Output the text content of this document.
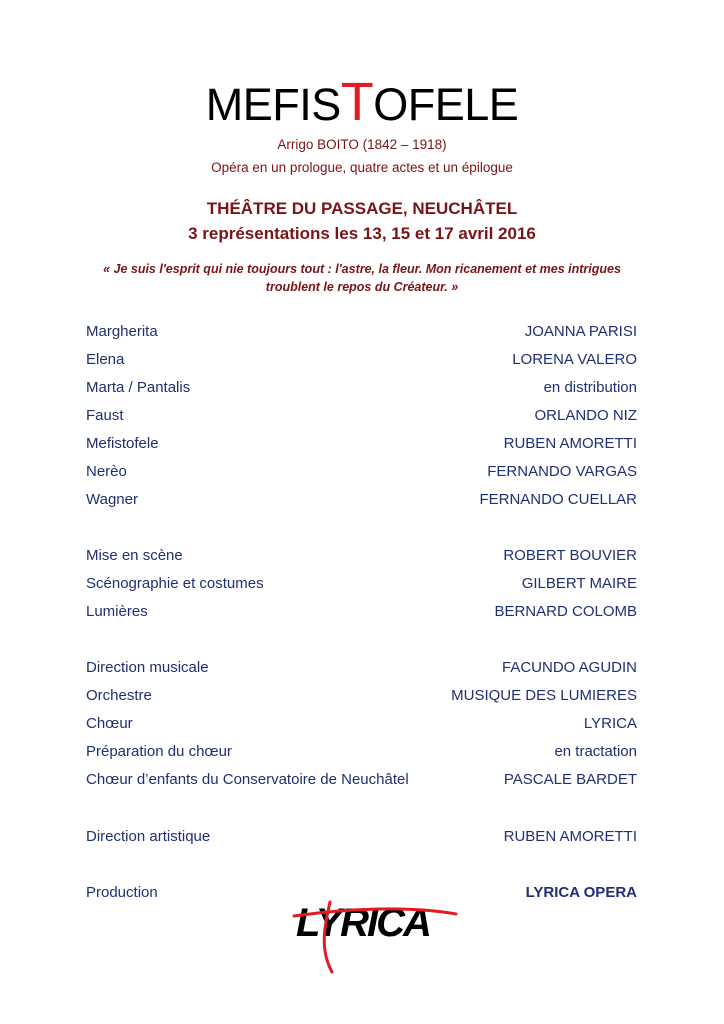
MEFISTOFELE
Arrigo BOITO (1842 – 1918)
Opéra en un prologue, quatre actes et un épilogue
THÉÂTRE DU PASSAGE, NEUCHÂTEL
3 représentations les 13, 15 et 17 avril 2016
« Je suis l'esprit qui nie toujours tout : l'astre, la fleur. Mon ricanement et mes intrigues
troublent le repos du Créateur. »
Margherita	JOANNA PARISI
Elena	LORENA VALERO
Marta / Pantalis	en distribution
Faust	ORLANDO NIZ
Mefistofele	RUBEN AMORETTI
Nerèo	FERNANDO VARGAS
Wagner	FERNANDO CUELLAR
Mise en scène	ROBERT BOUVIER
Scénographie et costumes	GILBERT MAIRE
Lumières	BERNARD COLOMB
Direction musicale	FACUNDO AGUDIN
Orchestre	MUSIQUE DES LUMIERES
Chœur	LYRICA
Préparation du chœur	en tractation
Chœur d’enfants du Conservatoire de Neuchâtel	PASCALE BARDET
Direction artistique	RUBEN AMORETTI
Production	LYRICA OPERA
LYRICA
